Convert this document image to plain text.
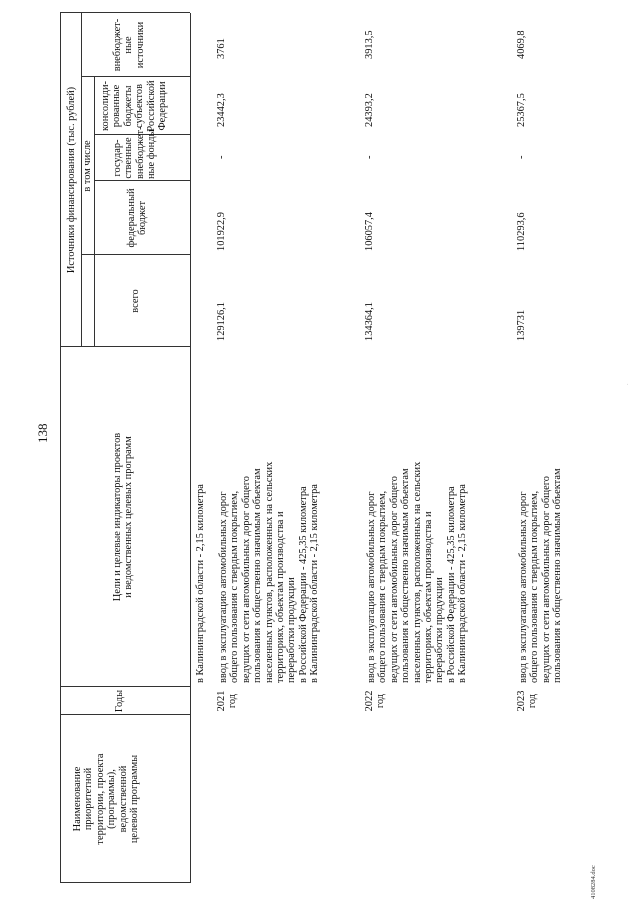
138
Наименование
приоритетной
территории, проекта
(программы),
ведомственной
целевой программы
Годы
Цели и целевые индикаторы проектов
и ведомственных целевых программ
Источники финансирования (тыс. рублей)
всего
в том числе
федеральный
бюджет
государ-
ственные
внебюджет-
ные фонды
консолиди-
рованные
бюджеты
субъектов
Российской
Федерации
внебюджет-
ные
источники
в Калининградской области - 2,15 километра
2021
год
ввод в эксплуатацию автомобильных дорог
общего пользования с твердым покрытием,
ведущих от сети автомобильных дорог общего
пользования к общественно значимым объектам
населенных пунктов, расположенных на сельских
территориях, объектам производства и
переработки продукции
в Российской Федерации - 425,35 километра
в Калининградской области - 2,15 километра
129126,1
101922,9
-
23442,3
3761
2022
год
ввод в эксплуатацию автомобильных дорог
общего пользования с твердым покрытием,
ведущих от сети автомобильных дорог общего
пользования к общественно значимым объектам
населенных пунктов, расположенных на сельских
территориях, объектам производства и
переработки продукции
в Российской Федерации - 425,35 километра
в Калининградской области - 2,15 километра
134364,1
106057,4
-
24393,2
3913,5
2023
год
ввод в эксплуатацию автомобильных дорог
общего пользования с твердым покрытием,
ведущих от сети автомобильных дорог общего
пользования к общественно значимым объектам
139731
110293,6
-
25367,5
4069,8
4108284.doc
·
